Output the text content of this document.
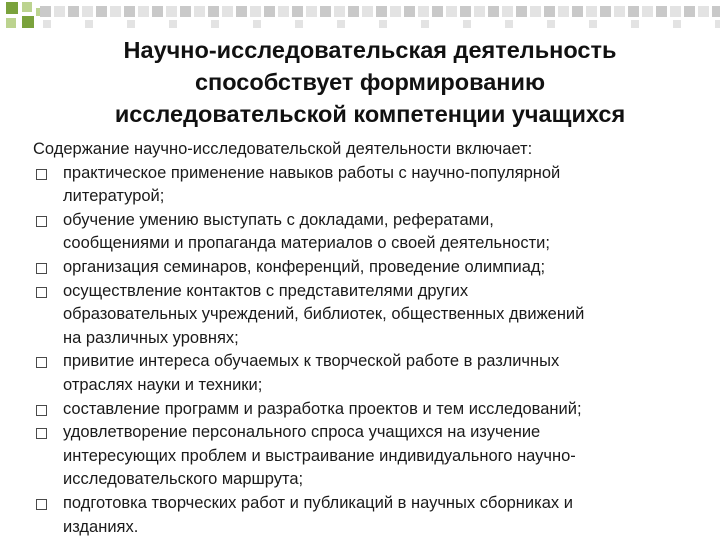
Научно-исследовательская деятельность
способствует формированию
исследовательской компетенции учащихся

Содержание научно-исследовательской деятельности включает:

практическое применение навыков работы с научно-популярной
литературой;
обучение умению выступать с докладами, рефератами,
сообщениями и пропаганда материалов о своей деятельности;
организация семинаров, конференций, проведение олимпиад;
осуществление контактов с представителями других
образовательных учреждений, библиотек, общественных движений
на различных уровнях;
привитие интереса обучаемых к творческой работе в различных
отраслях науки и техники;
составление программ и разработка проектов и тем исследований;
удовлетворение персонального спроса учащихся на изучение
интересующих проблем и выстраивание индивидуального научно-
исследовательского маршрута;
подготовка творческих работ и публикаций в научных сборниках и
изданиях.
